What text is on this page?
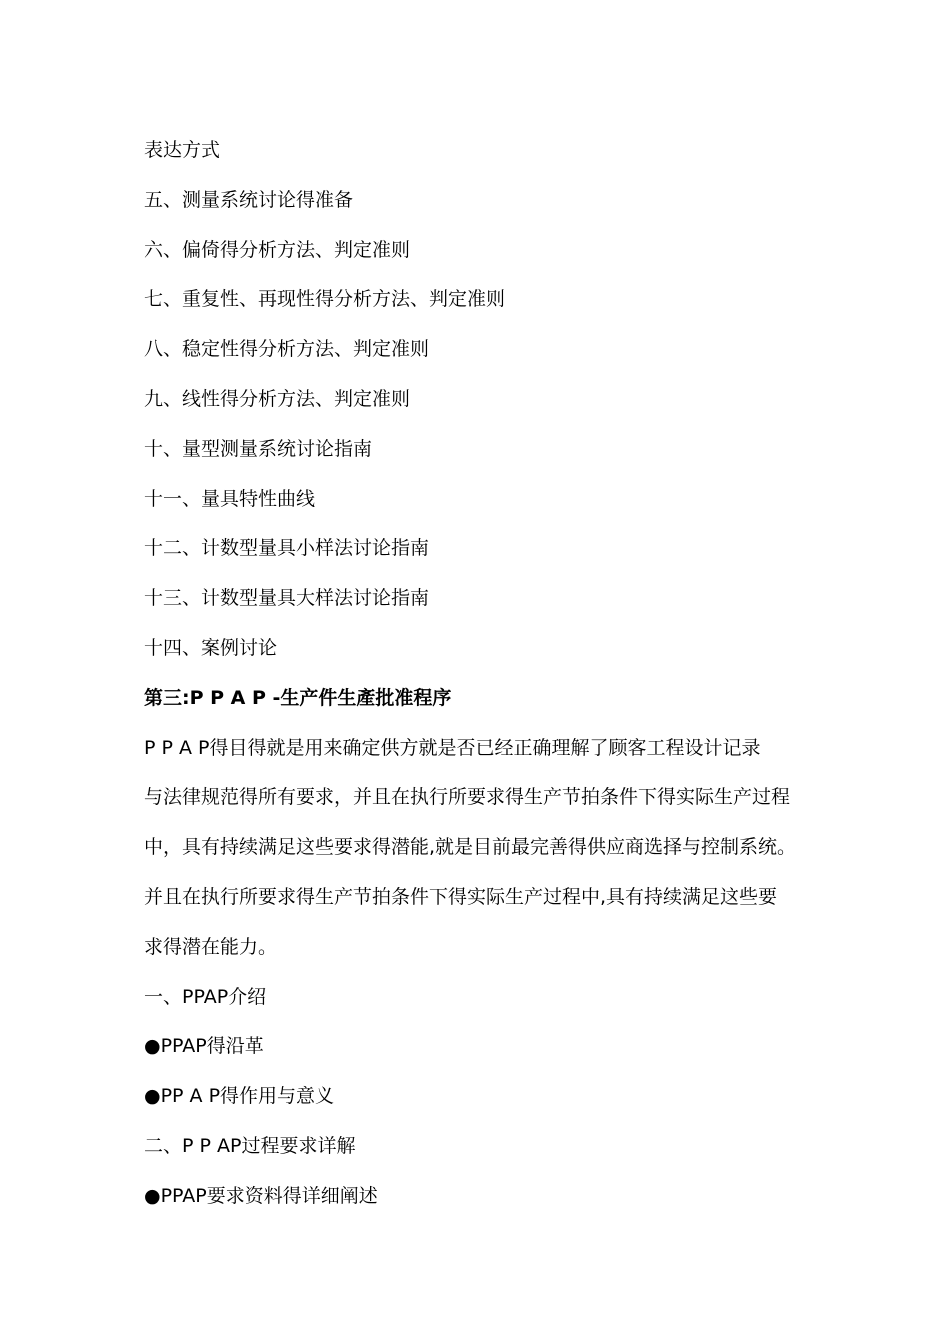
表达方式

五、测量系统讨论得准备

六、偏倚得分析方法、判定准则

七、重复性、再现性得分析方法、判定准则

八、稳定性得分析方法、判定准则

九、线性得分析方法、判定准则

十、量型测量系统讨论指南

十一、量具特性曲线

十二、计数型量具小样法讨论指南

十三、计数型量具大样法讨论指南

十四、案例讨论

第三:P P A P -生产件生產批准程序

P P A P得目得就是用来确定供方就是否已经正确理解了顾客工程设计记录

与法律规范得所有要求，并且在执行所要求得生产节拍条件下得实际生产过程

中，具有持续满足这些要求得潜能,就是目前最完善得供应商选择与控制系统。

并且在执行所要求得生产节拍条件下得实际生产过程中,具有持续满足这些要

求得潜在能力。

一、PPAP介绍

●PPAP得沿革

●PP A P得作用与意义

二、P P AP过程要求详解

●PPAP要求资料得详细阐述
